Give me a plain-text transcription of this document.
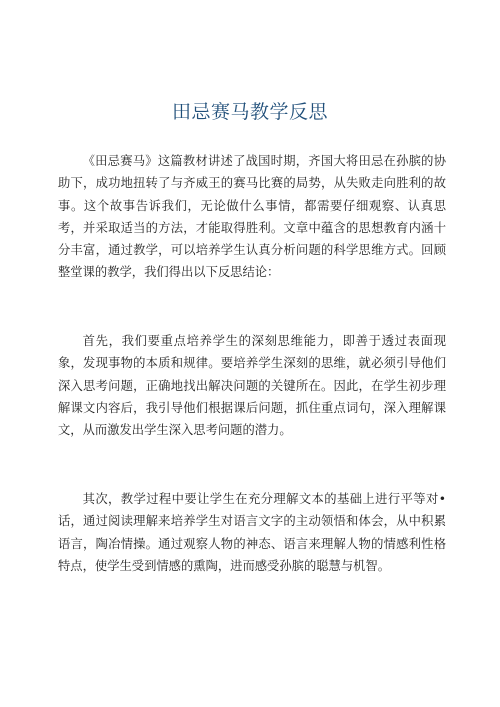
田忌赛马教学反思

《田忌赛马》这篇教材讲述了战国时期，齐国大将田忌在孙膑的协助下，成功地扭转了与齐威王的赛马比赛的局势，从失败走向胜利的故事。这个故事告诉我们，无论做什么事情，都需要仔细观察、认真思考，并采取适当的方法，才能取得胜利。文章中蕴含的思想教育内涵十分丰富，通过教学，可以培养学生认真分析问题的科学思维方式。回顾整堂课的教学，我们得出以下反思结论：

首先，我们要重点培养学生的深刻思维能力，即善于透过表面现象，发现事物的本质和规律。要培养学生深刻的思维，就必须引导他们深入思考问题，正确地找出解决问题的关键所在。因此，在学生初步理解课文内容后，我引导他们根据课后问题，抓住重点词句，深入理解课文，从而激发出学生深入思考问题的潜力。

其次，教学过程中要让学生在充分理解文本的基础上进行平等对•话，通过阅读理解来培养学生对语言文字的主动领悟和体会，从中积累语言，陶冶情操。通过观察人物的神态、语言来理解人物的情感利性格特点，使学生受到情感的熏陶，进而感受孙膑的聪慧与机智。
